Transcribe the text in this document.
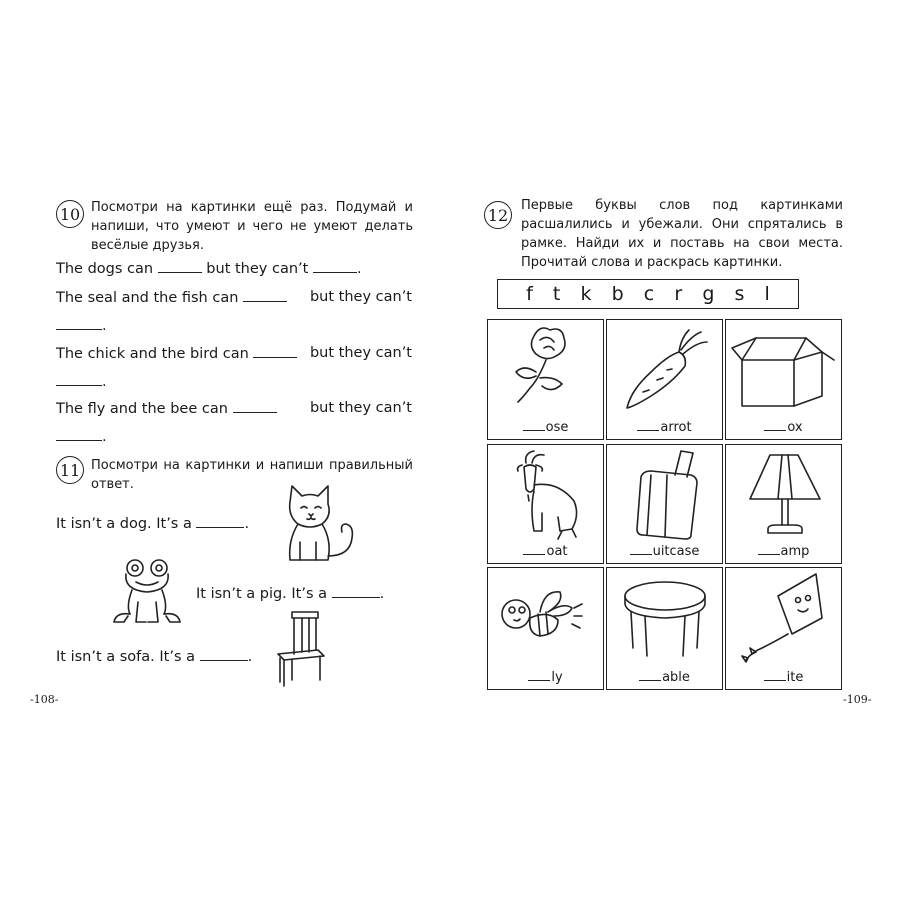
10 Посмотри на картинки ещё раз. Подумай и напиши, что умеют и чего не умеют делать весёлые друзья.
The dogs can	but they can’t	.
The seal and the fish can	but they can’t
.
The chick and the bird can	but they can’t
.
The fly and the bee can	but they can’t
.
11 Посмотри на картинки и напиши правильный ответ.
It isn’t a dog. It’s a	.
It isn’t a pig. It’s a	.
It isn’t a sofa. It’s a	.
-108-
12 Первые буквы слов под картинками расшалились и убежали. Они спрятались в рамке. Найди их и поставь на свои места. Прочитай слова и раскрась картинки.
f t k b c r g s l
ose	arrot	ox
oat	uitcase	amp
ly	able	ite
-109-
